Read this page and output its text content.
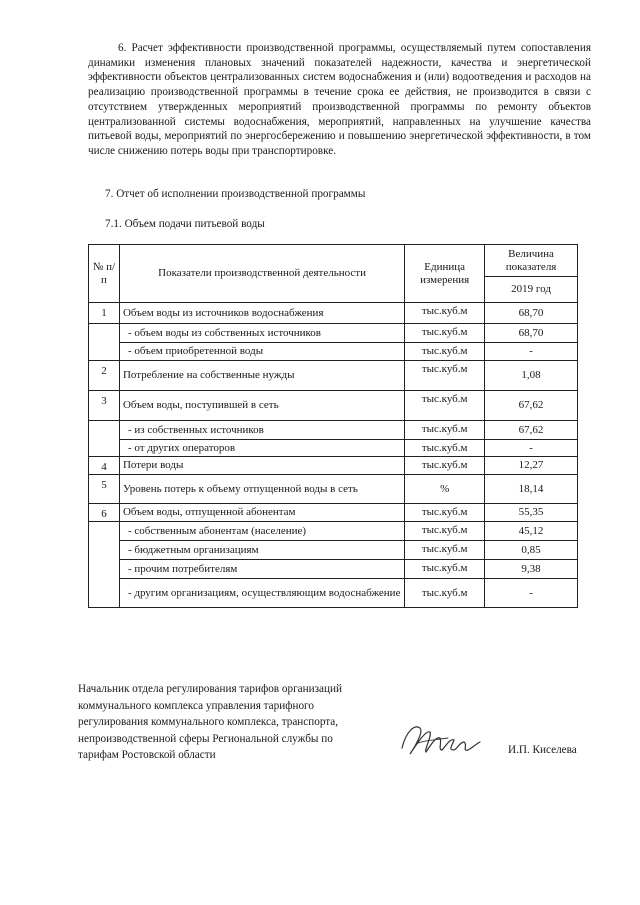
6. Расчет эффективности производственной программы, осуществляемый путем сопоставления динамики изменения плановых значений показателей надежности, качества и энергетической эффективности объектов централизованных систем водоснабжения и (или) водоотведения и расходов на реализацию производственной программы в течение срока ее действия, не производится в связи с отсутствием утвержденных мероприятий производственной программы по ремонту объектов централизованной системы водоснабжения, мероприятий, направленных на улучшение качества питьевой воды, мероприятий по энергосбережению и повышению энергетической эффективности, в том числе снижению потерь воды при транспортировке.

7. Отчет об исполнении производственной программы

7.1. Объем подачи питьевой воды

№ п/п	Показатели производственной деятельности	Единица измерения	Величина показателя
			2019 год
1	Объем воды из источников водоснабжения	тыс.куб.м	68,70
	- объем воды из собственных источников	тыс.куб.м	68,70
	- объем приобретенной воды	тыс.куб.м	-
2	Потребление на собственные нужды	тыс.куб.м	1,08
3	Объем воды, поступившей в сеть	тыс.куб.м	67,62
	- из собственных источников	тыс.куб.м	67,62
	- от других операторов	тыс.куб.м	-
4	Потери воды	тыс.куб.м	12,27
5	Уровень потерь к объему отпущенной воды в сеть	%	18,14
6	Объем воды, отпущенной абонентам	тыс.куб.м	55,35
	- собственным абонентам (население)	тыс.куб.м	45,12
	- бюджетным организациям	тыс.куб.м	0,85
	- прочим потребителям	тыс.куб.м	9,38
	- другим организациям, осуществляющим водоснабжение	тыс.куб.м	-
Начальник отдела регулирования тарифов организаций
коммунального комплекса управления тарифного
регулирования коммунального комплекса, транспорта,
непроизводственной сферы Региональной службы по
тарифам Ростовской области	И.П. Киселева
